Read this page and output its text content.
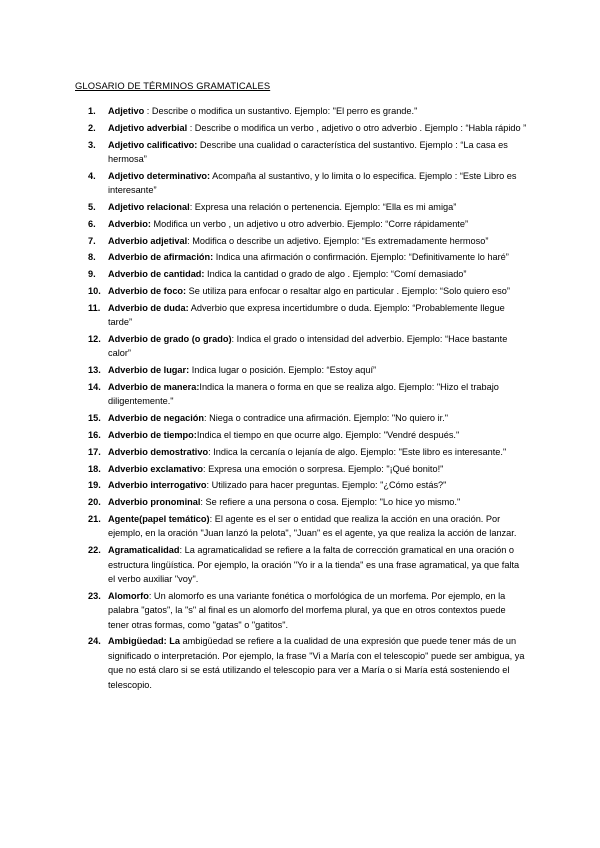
GLOSARIO DE TÉRMINOS GRAMATICALES
1. Adjetivo : Describe o modifica un sustantivo. Ejemplo: "El perro es grande."
2. Adjetivo adverbial : Describe o modifica un verbo , adjetivo o otro adverbio . Ejemplo : “Habla rápido ”
3. Adjetivo calificativo: Describe una cualidad o característica del sustantivo. Ejemplo : “La casa es hermosa”
4. Adjetivo determinativo: Acompaña al sustantivo, y lo limita o lo especifica. Ejemplo : “Este Libro es interesante”
5. Adjetivo relacional: Expresa una relación o pertenencia. Ejemplo: “Ella es mi amiga”
6. Adverbio: Modifica un verbo , un adjetivo u otro adverbio. Ejemplo: “Corre rápidamente”
7. Adverbio adjetival: Modifica o describe un adjetivo. Ejemplo: “Es extremadamente hermoso”
8. Adverbio de afirmación: Indica una afirmación o confirmación. Ejemplo: “Definitivamente lo haré”
9. Adverbio de cantidad: Indica la cantidad o grado de algo . Ejemplo: “Comí demasiado”
10. Adverbio de foco: Se utiliza para enfocar o resaltar algo en particular . Ejemplo: “Solo quiero eso”
11. Adverbio de duda: Adverbio que expresa incertidumbre o duda. Ejemplo: “Probablemente llegue tarde”
12. Adverbio de grado (o grado): Indica el grado o intensidad del adverbio. Ejemplo: “Hace bastante calor”
13. Adverbio de lugar: Indica lugar o posición. Ejemplo: “Estoy aquí”
14. Adverbio de manera:Indica la manera o forma en que se realiza algo. Ejemplo: "Hizo el trabajo diligentemente."
15. Adverbio de negación: Niega o contradice una afirmación. Ejemplo: "No quiero ir."
16. Adverbio de tiempo:Indica el tiempo en que ocurre algo. Ejemplo: "Vendré después."
17. Adverbio demostrativo: Indica la cercanía o lejanía de algo. Ejemplo: "Este libro es interesante."
18. Adverbio exclamativo: Expresa una emoción o sorpresa. Ejemplo: "¡Qué bonito!"
19. Adverbio interrogativo: Utilizado para hacer preguntas. Ejemplo: "¿Cómo estás?"
20. Adverbio pronominal: Se refiere a una persona o cosa. Ejemplo: "Lo hice yo mismo."
21. Agente(papel temático): El agente es el ser o entidad que realiza la acción en una oración. Por ejemplo, en la oración "Juan lanzó la pelota", "Juan" es el agente, ya que realiza la acción de lanzar.
22. Agramaticalidad: La agramaticalidad se refiere a la falta de corrección gramatical en una oración o estructura lingüística. Por ejemplo, la oración "Yo ir a la tienda" es una frase agramatical, ya que falta el verbo auxiliar "voy".
23. Alomorfo: Un alomorfo es una variante fonética o morfológica de un morfema. Por ejemplo, en la palabra "gatos", la "s" al final es un alomorfo del morfema plural, ya que en otros contextos puede tener otras formas, como "gatas" o "gatitos".
24. Ambigüedad: La ambigüedad se refiere a la cualidad de una expresión que puede tener más de un significado o interpretación. Por ejemplo, la frase "Vi a María con el telescopio" puede ser ambigua, ya que no está claro si se está utilizando el telescopio para ver a María o si María está sosteniendo el telescopio.
